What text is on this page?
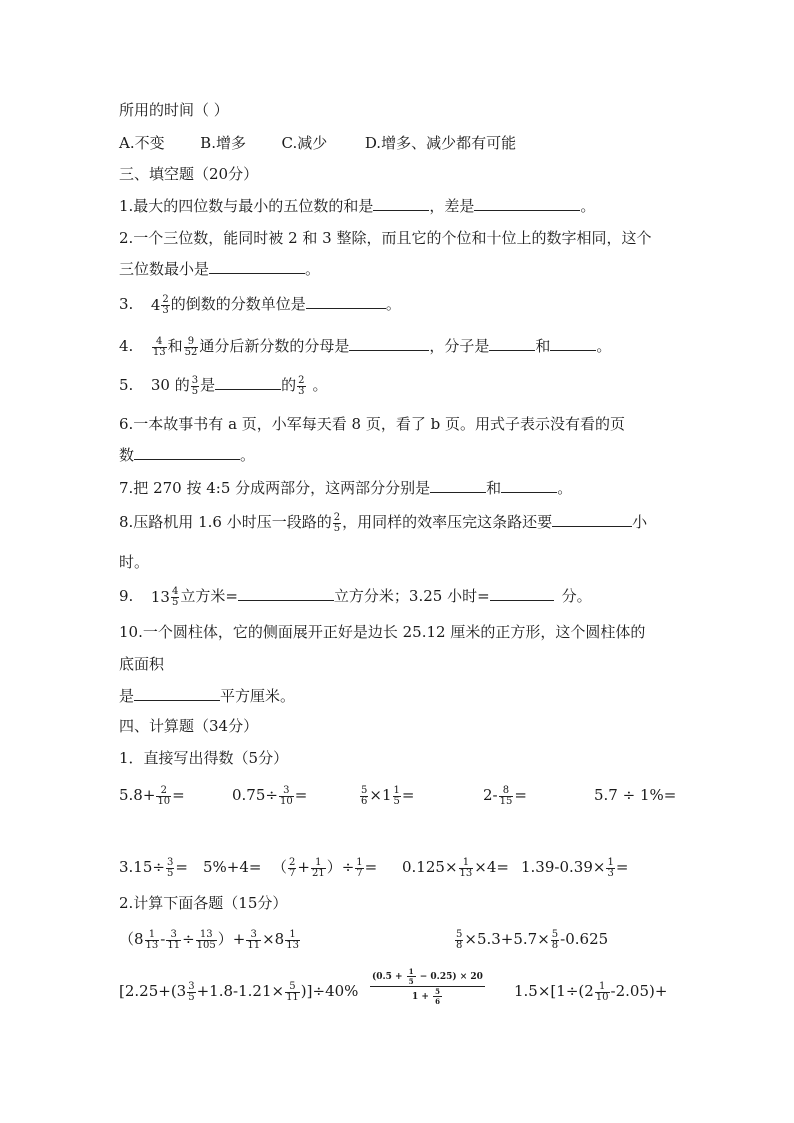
所用的时间（ ）
A.不变 B.增多 C.减少	D.增多、减少都有可能
三、填空题（20分）
1.最大的四位数与最小的五位数的和是	，差是	。
2.一个三位数，能同时被 2 和 3 整除，而且它的个位和十位上的数字相同，这个
三位数最小是	。
3. $4 \frac{2}{3}$ 的倒数的分数单位是	。
4. $\frac{4}{13}$ 和 $\frac{9}{52}$ 通分后新分数的分母是	，分子是	和	。
5. 30 的 $\frac{3}{5}$ 是	的 $\frac{2}{3}$ 。
6.一本故事书有 a 页，小军每天看 8 页，看了 b 页。用式子表示没有看的页
数	。
7.把 270 按 4:5 分成两部分，这两部分分别是	和	。
8.压路机用 1.6 小时压一段路的 $\frac{2}{5}$ ，用同样的效率压完这条路还要	小
时。
9. $13 \frac{4}{5}$ 立方米=	立方分米；3.25 小时=	分。
10.一个圆柱体，它的侧面展开正好是边长 25.12 厘米的正方形，这个圆柱体的
底面积
是	平方厘米。
四、计算题（34分）
1．直接写出得数（5分）
$5.8+ \frac{2}{10}$ =	$0.75\div \frac{3}{10}$ =	$\frac{5}{6} \times 1 \frac{1}{5}$ =	$2- \frac{8}{15}$ =	5.7 ÷ 1%=
$3.15\div \frac{3}{5} = 5\%+4=$ （ $\frac{2}{7} + \frac{1}{21}$ ）÷ $\frac{1}{7} = 0.125\times \frac{1}{13} \times 4= 1.39-0.39\times \frac{1}{3}$ =
2.计算下面各题（15分）
（$8 \frac{1}{13} - \frac{3}{11} \div \frac{13}{105}$ ）+ $\frac{3}{11} \times 8 \frac{1}{13}$	$\frac{5}{8} \times 5.3+5.7\times \frac{5}{8} -0.625$
$[2.25+(3 \frac{3}{5} +1.8-1.21\times \frac{5}{11} )]\div 40\% \frac{(0.5 + \frac{1}{5} - 0.25) \times 20}{1 + \frac{5}{6}} 1.5\times[1\div(2 \frac{1}{10} -2.05)+$
